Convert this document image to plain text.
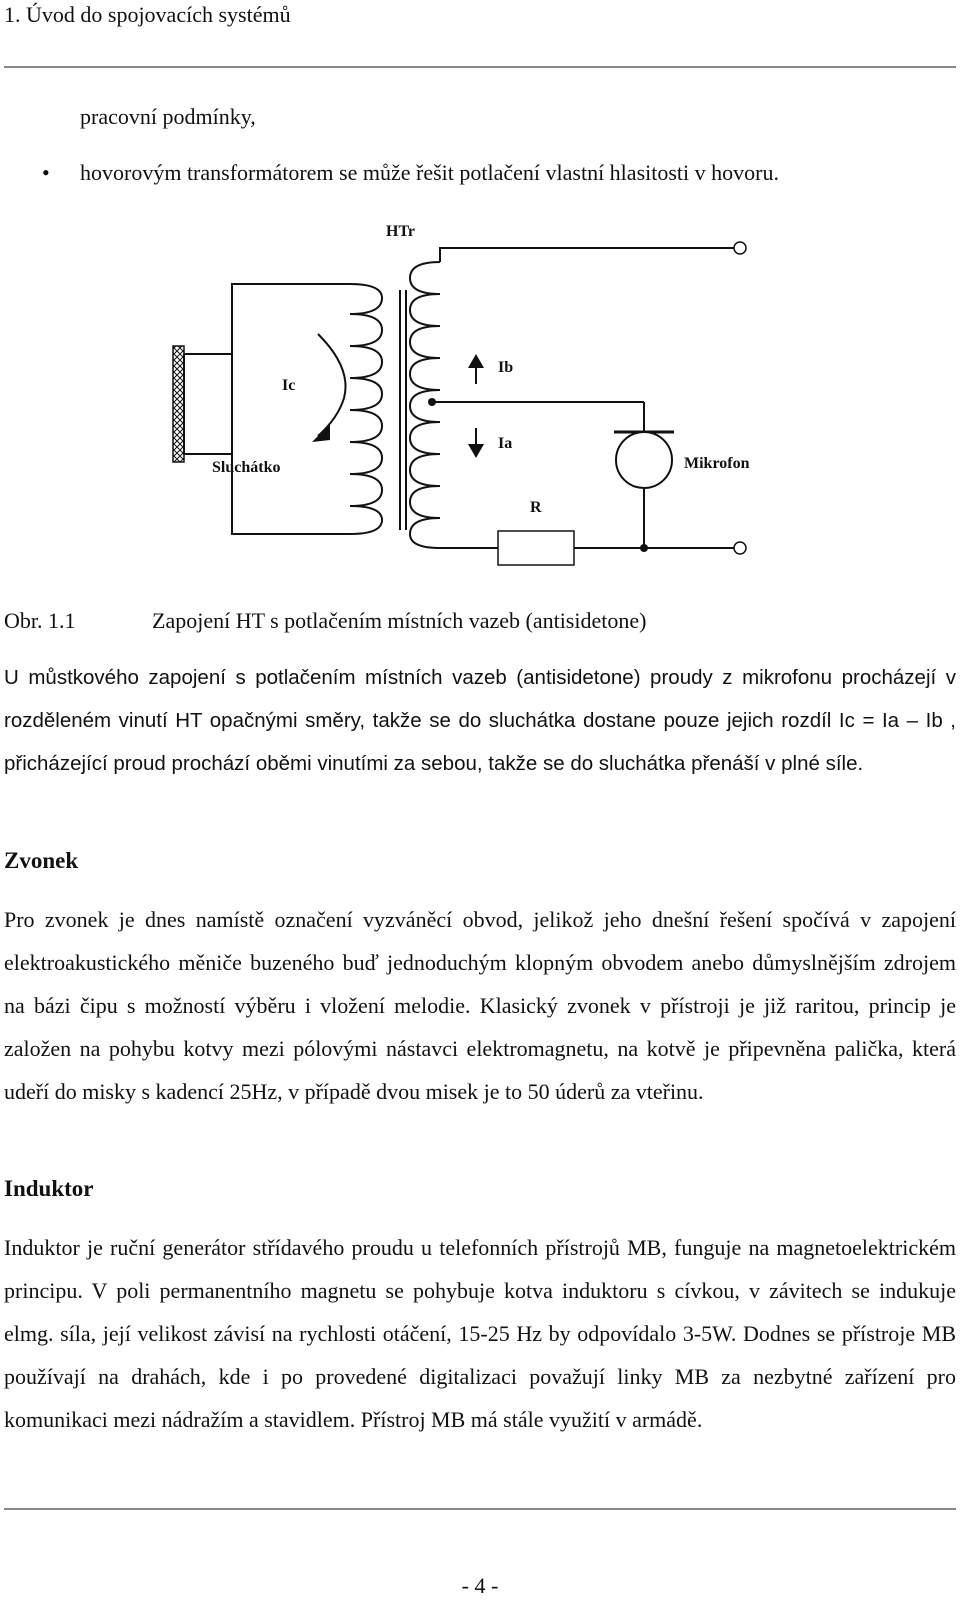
1. Úvod do spojovacích systémů
pracovní podmínky,
• hovorovým transformátorem se může řešit potlačení vlastní hlasitosti v hovoru.
HTr
Ic
Ib
Ia
Sluchátko	Mikrofon
R
Obr. 1.1	Zapojení HT s potlačením místních vazeb (antisidetone)

U můstkového zapojení s potlačením místních vazeb (antisidetone) proudy z mikrofonu procházejí v rozděleném vinutí HT opačnými směry, takže se do sluchátka dostane pouze jejich rozdíl Ic = Ia – Ib , přicházející proud prochází oběmi vinutími za sebou, takže se do sluchátka přenáší v plné síle.

Zvonek

Pro zvonek je dnes namístě označení vyzváněcí obvod, jelikož jeho dnešní řešení spočívá v zapojení elektroakustického měniče buzeného buď jednoduchým klopným obvodem anebo důmyslnějším zdrojem na bázi čipu s možností výběru i vložení melodie. Klasický zvonek v přístroji je již raritou, princip je založen na pohybu kotvy mezi pólovými nástavci elektromagnetu, na kotvě je připevněna palička, která udeří do misky s kadencí 25Hz, v případě dvou misek je to 50 úderů za vteřinu.

Induktor

Induktor je ruční generátor střídavého proudu u telefonních přístrojů MB, funguje na magnetoelektrickém principu. V poli permanentního magnetu se pohybuje kotva induktoru s cívkou, v závitech se indukuje elmg. síla, její velikost závisí na rychlosti otáčení, 15-25 Hz by odpovídalo 3-5W. Dodnes se přístroje MB používají na drahách, kde i po provedené digitalizaci považují linky MB za nezbytné zařízení pro komunikaci mezi nádražím a stavidlem. Přístroj MB má stále využití v armádě.

- 4 -
